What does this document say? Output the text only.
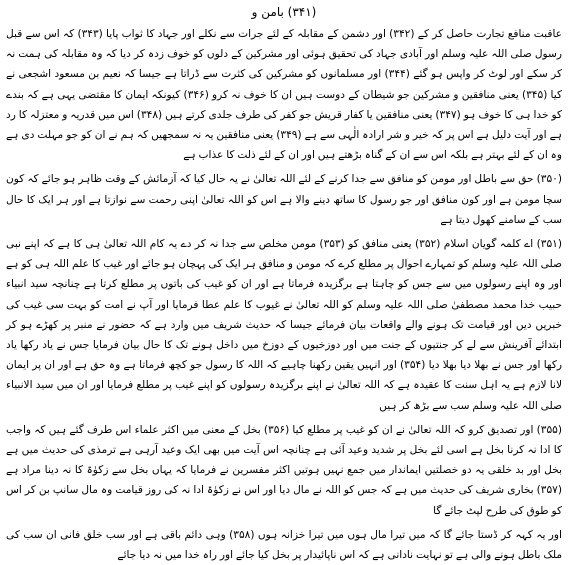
(۳۴۱) بامن و

عاقبت منافع تجارت حاصل کر کے (۳۴۲) اور دشمن کے مقابلہ کے لئے جرات سے نکلے اور جہاد کا ثواب پایا (۳۴۳) کہ اس سے قبل رسول صلی اللہ علیہ وسلم اور آبادی جہاد کی تحقیق ہوئی اور مشرکین کے دلوں کو خوف زدہ کر دیا کہ وہ مقابلہ کی ہمت نہ کر سکے اور لوٹ کر واپس ہو گئے (۳۴۴) اور مسلمانوں کو مشرکین کی کثرت سے ڈراتا ہے جیسا کہ نعیم بن مسعود اشجعی نے کیا (۳۴۵) یعنی منافقین و مشرکین جو شیطان کے دوست ہیں ان کا خوف نہ کرو (۳۴۶) کیونکہ ایمان کا مقتضی یہی ہے کہ بندے کو خدا ہی کا خوف ہو (۳۴۷) یعنی منافقین یا کفار قریش جو کفر کی طرف جلدی کرتے ہیں (۳۴۸) اس میں قدریہ و معتزلہ کا رد ہے اور آیت دلیل ہے اس پر کہ خیر و شر ارادہ الٰہی سے ہے (۳۴۹) یعنی منافقین یہ نہ سمجھیں کہ ہم نے ان کو جو مہلت دی ہے وہ ان کے لئے بہتر ہے بلکہ اس سے ان کے گناہ بڑھتے ہیں اور ان کے لئے ذلت کا عذاب ہے

(۳۵۰) حق سے باطل اور مومن کو منافق سے جدا کرنے کے لئے اللہ تعالیٰ نے یہ حال کیا کہ آزمائش کے وقت ظاہر ہو جائے کہ کون سچا مومن ہے اور کون منافق اور جو رسول کا ساتھ دینے والا ہے اس کو اللہ تعالیٰ اپنی رحمت سے نوازتا ہے اور ہر ایک کا حال سب کے سامنے کھول دیتا ہے

(۳۵۱) اے کلمہ گویان اسلام (۳۵۲) یعنی منافق کو (۳۵۳) مومن مخلص سے جدا نہ کر دے یہ کام اللہ تعالیٰ ہی کا ہے کہ اپنے نبی صلی اللہ علیہ وسلم کو تمہارے احوال پر مطلع کرے کہ مومن و منافق ہر ایک کی پہچان ہو جائے اور غیب کا علم اللہ ہی کو ہے اور وہ اپنے رسولوں میں سے جس کو چاہتا ہے برگزیدہ فرماتا ہے اور ان کو غیب کی باتوں پر مطلع کرتا ہے چنانچہ سید انبیاء حبیب خدا محمد مصطفیٰ صلی اللہ علیہ وسلم کو اللہ تعالیٰ نے غیوب کا علم عطا فرمایا اور آپ نے امت کو بہت سی غیب کی خبریں دیں اور قیامت تک ہونے والے واقعات بیان فرمائے جیسا کہ حدیث شریف میں وارد ہے کہ حضور نے منبر پر کھڑے ہو کر ابتدائے آفرینش سے لے کر جنتیوں کے جنت میں اور دوزخیوں کے دوزخ میں داخل ہونے تک کا حال بیان فرمایا جس نے یاد رکھا یاد رکھا اور جس نے بھلا دیا بھلا دیا (۳۵۴) اور انہیں یقین رکھنا چاہیے کہ اللہ کا رسول جو کچھ فرماتا ہے وہ حق ہے اور ان پر ایمان لانا لازم ہے یہ اہل سنت کا عقیدہ ہے کہ اللہ تعالیٰ نے اپنے برگزیدہ رسولوں کو اپنے غیب پر مطلع فرمایا اور ان میں سید الانبیاء صلی اللہ علیہ وسلم سب سے بڑھ کر ہیں

(۳۵۵) اور تصدیق کرو کہ اللہ تعالیٰ نے ان کو غیب پر مطلع کیا (۳۵۶) بخل کے معنی میں اکثر علماء اس طرف گئے ہیں کہ واجب کا ادا نہ کرنا بخل ہے اسی لئے بخل پر شدید وعید آئی ہے چنانچہ اس آیت میں بھی ایک وعید آرہی ہے ترمذی کی حدیث میں ہے بخل اور بد خلقی یہ دو خصلتیں ایماندار میں جمع نہیں ہوتیں اکثر مفسرین نے فرمایا کہ یہاں بخل سے زکوٰۃ کا نہ دینا مراد ہے (۳۵۷) بخاری شریف کی حدیث میں ہے کہ جس کو اللہ نے مال دیا اور اس نے زکوٰۃ ادا نہ کی روز قیامت وہ مال سانپ بن کر اس کو طوق کی طرح لپٹ جائے گا

اور یہ کہہ کر ڈستا جائے گا کہ میں تیرا مال ہوں میں تیرا خزانہ ہوں (۳۵۸) وہی دائم باقی ہے اور سب خلق فانی ان سب کی ملک باطل ہونے والی ہے تو نہایت نادانی ہے کہ اس ناپائیدار پر بخل کیا جائے اور راہ خدا میں نہ دیا جائے
